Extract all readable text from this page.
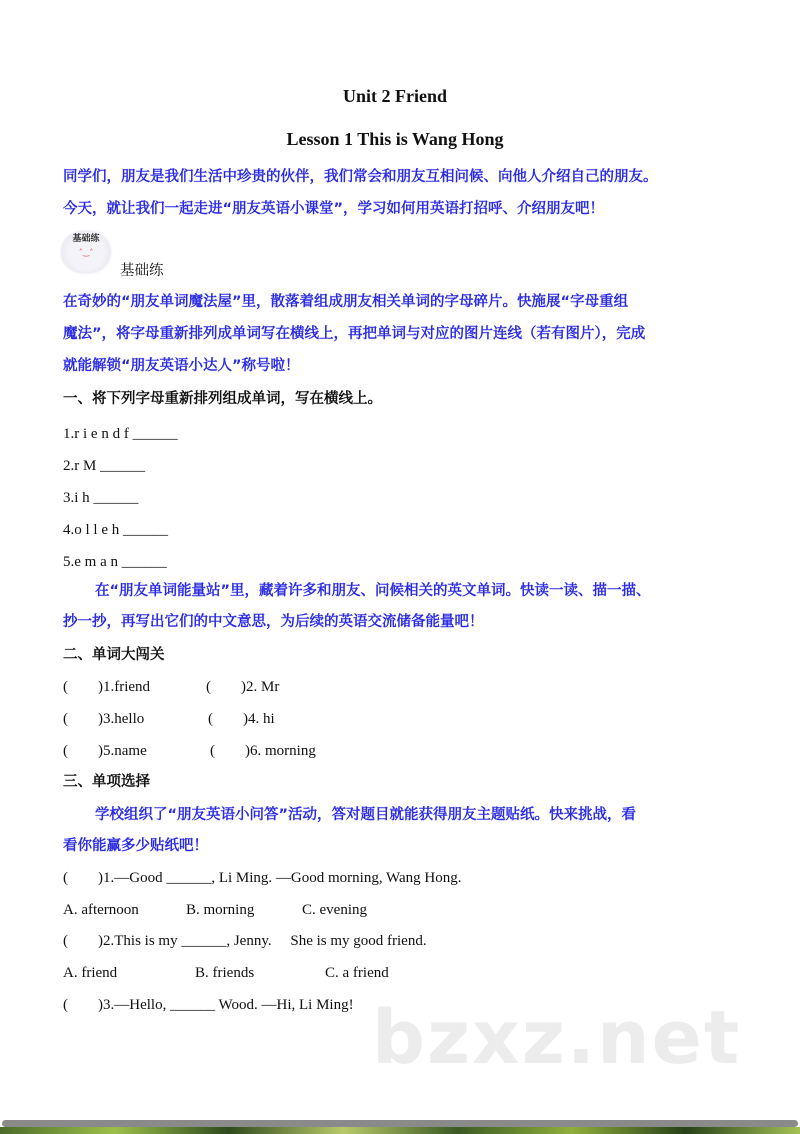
Unit 2 Friend
Lesson 1 This is Wang Hong
同学们，朋友是我们生活中珍贵的伙伴，我们常会和朋友互相问候、向他人介绍自己的朋友。
今天，就让我们一起走进“朋友英语小课堂”，学习如何用英语打招呼、介绍朋友吧！
基础练
˄‿˄
基础练
在奇妙的“朋友单词魔法屋”里，散落着组成朋友相关单词的字母碎片。快施展“字母重组
魔法”，将字母重新排列成单词写在横线上，再把单词与对应的图片连线（若有图片），完成
就能解锁“朋友英语小达人”称号啦！
一、将下列字母重新排列组成单词，写在横线上。
1.r i e n d f ______
2.r M ______
3.i h ______
4.o l l e h ______
5.e m a n ______
在“朋友单词能量站”里，藏着许多和朋友、问候相关的英文单词。快读一读、描一描、
抄一抄，再写出它们的中文意思，为后续的英语交流储备能量吧！
二、单词大闯关
(        )1.friend	(        )2. Mr
(        )3.hello	(        )4. hi
(        )5.name	(        )6. morning
三、单项选择
学校组织了“朋友英语小问答”活动，答对题目就能获得朋友主题贴纸。快来挑战，看
看你能赢多少贴纸吧！
(        )1.—Good ______, Li Ming. —Good morning, Wang Hong.
A. afternoon	B. morning	C. evening
(        )2.This is my ______, Jenny.     She is my good friend.
A. friend	B. friends	C. a friend
(        )3.—Hello, ______ Wood. —Hi, Li Ming! bzxz.net
